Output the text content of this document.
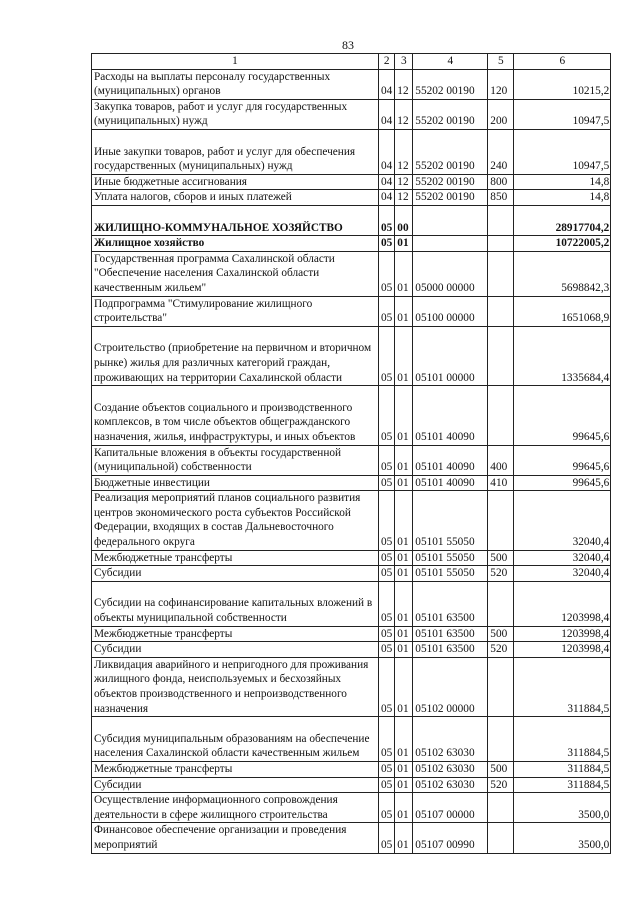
83
1	2	3	4	5	6
Расходы на выплаты персоналу государственных (муниципальных) органов	04	12	55202 00190	120	10215,2
Закупка товаров, работ и услуг для государственных (муниципальных) нужд	04	12	55202 00190	200	10947,5
Иные закупки товаров, работ и услуг для обеспечения государственных (муниципальных) нужд	04	12	55202 00190	240	10947,5
Иные бюджетные ассигнования	04	12	55202 00190	800	14,8
Уплата налогов, сборов и иных платежей	04	12	55202 00190	850	14,8
ЖИЛИЩНО-КОММУНАЛЬНОЕ ХОЗЯЙСТВО	05	00			28917704,2
Жилищное хозяйство	05	01			10722005,2
Государственная программа Сахалинской области "Обеспечение населения Сахалинской области качественным жильем"	05	01	05000 00000		5698842,3
Подпрограмма "Стимулирование жилищного строительства"	05	01	05100 00000		1651068,9
Строительство (приобретение на первичном и вторичном рынке) жилья для различных категорий граждан, проживающих на территории Сахалинской области	05	01	05101 00000		1335684,4
Создание объектов социального и производственного комплексов, в том числе объектов общегражданского назначения, жилья, инфраструктуры, и иных объектов	05	01	05101 40090		99645,6
Капитальные вложения в объекты государственной (муниципальной) собственности	05	01	05101 40090	400	99645,6
Бюджетные инвестиции	05	01	05101 40090	410	99645,6
Реализация мероприятий планов социального развития центров экономического роста субъектов Российской Федерации, входящих в состав Дальневосточного федерального округа	05	01	05101 55050		32040,4
Межбюджетные трансферты	05	01	05101 55050	500	32040,4
Субсидии	05	01	05101 55050	520	32040,4
Субсидии на софинансирование капитальных вложений в объекты муниципальной собственности	05	01	05101 63500		1203998,4
Межбюджетные трансферты	05	01	05101 63500	500	1203998,4
Субсидии	05	01	05101 63500	520	1203998,4
Ликвидация аварийного и непригодного для проживания жилищного фонда, неиспользуемых и бесхозяйных объектов производственного и непроизводственного назначения	05	01	05102 00000		311884,5
Субсидия муниципальным образованиям на обеспечение населения Сахалинской области качественным жильем	05	01	05102 63030		311884,5
Межбюджетные трансферты	05	01	05102 63030	500	311884,5
Субсидии	05	01	05102 63030	520	311884,5
Осуществление информационного сопровождения деятельности в сфере жилищного строительства	05	01	05107 00000		3500,0
Финансовое обеспечение организации и проведения мероприятий	05	01	05107 00990		3500,0
